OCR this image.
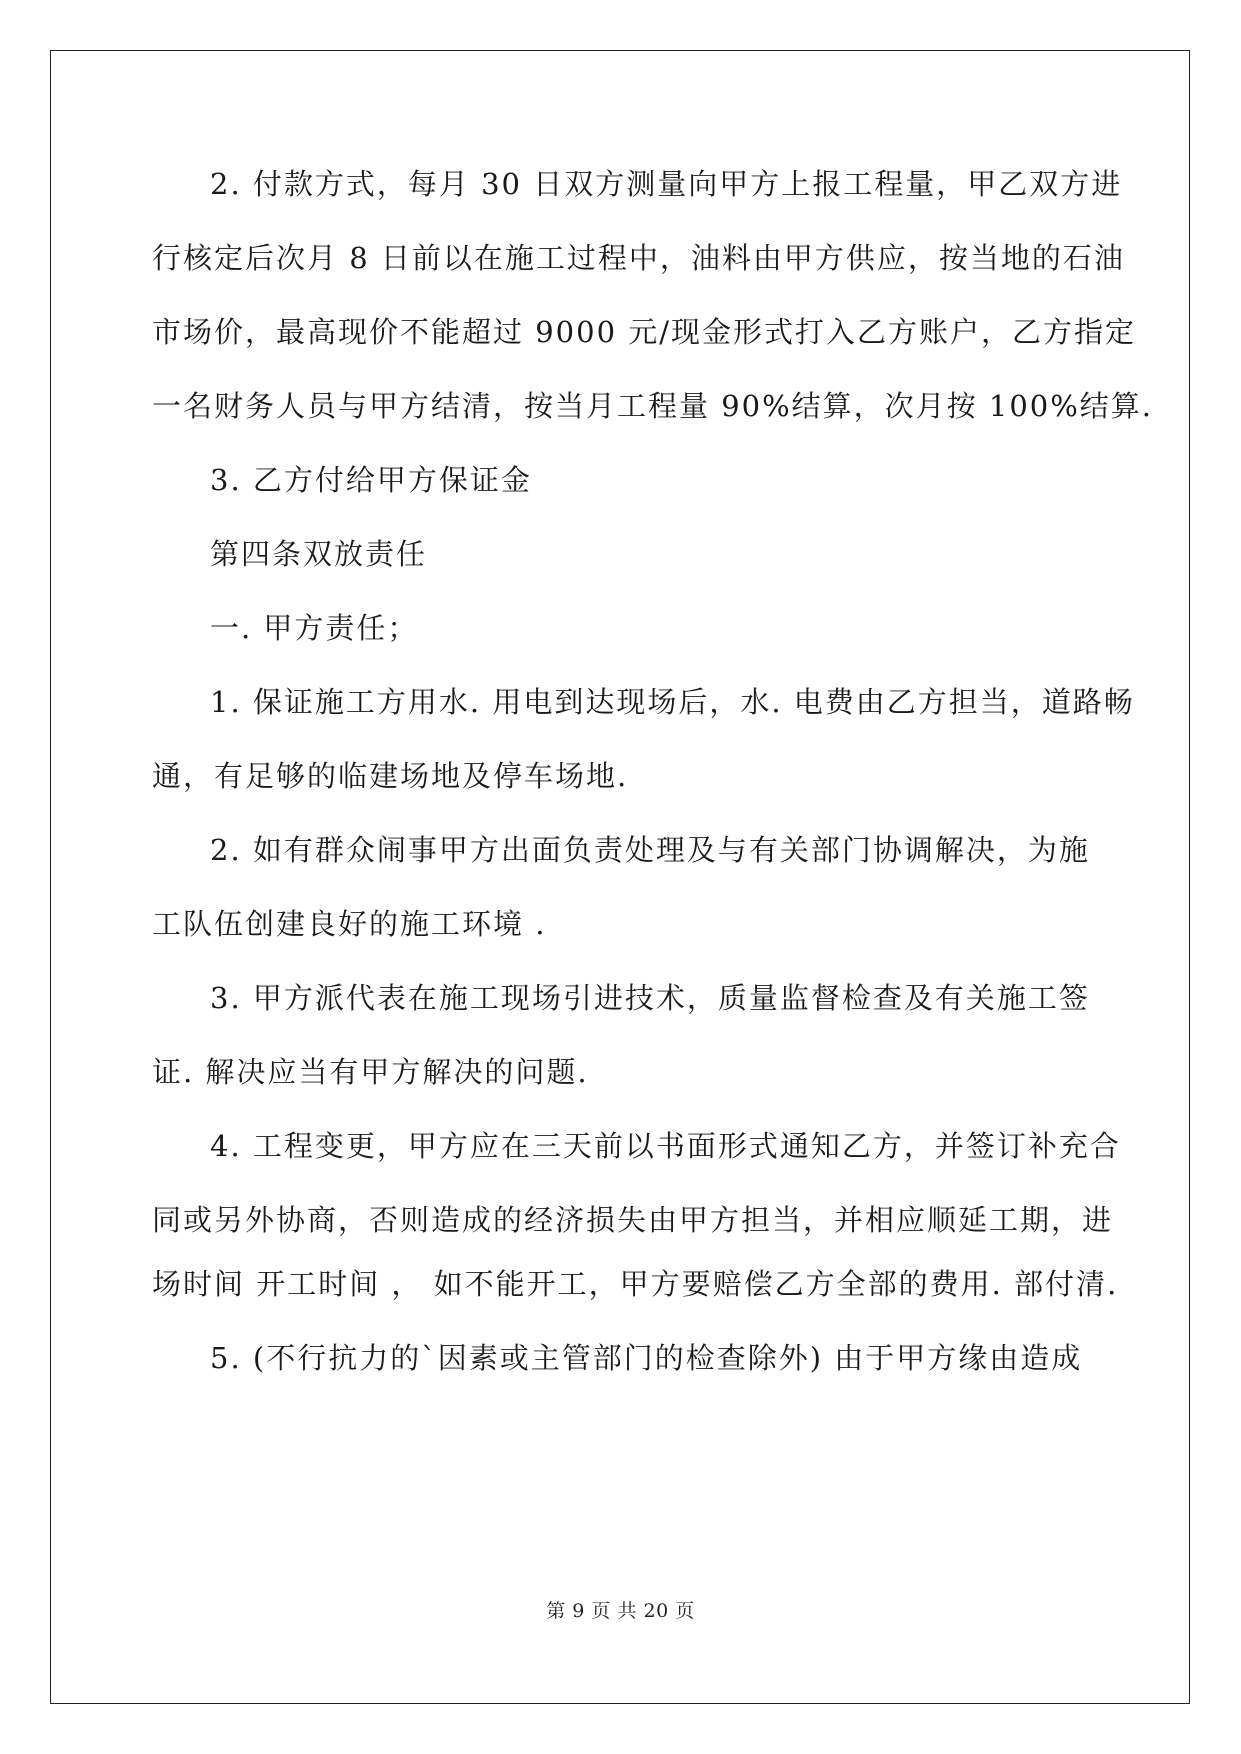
2. 付款方式，每月 30 日双方测量向甲方上报工程量，甲乙双方进
行核定后次月 8 日前以在施工过程中，油料由甲方供应，按当地的石油
市场价，最高现价不能超过 9000 元/现金形式打入乙方账户，乙方指定
一名财务人员与甲方结清，按当月工程量 90%结算，次月按 100%结算.
3. 乙方付给甲方保证金
第四条双放责任
一. 甲方责任；
1. 保证施工方用水. 用电到达现场后，水. 电费由乙方担当，道路畅
通，有足够的临建场地及停车场地.
2. 如有群众闹事甲方出面负责处理及与有关部门协调解决，为施
工队伍创建良好的施工环境 .
3. 甲方派代表在施工现场引进技术，质量监督检查及有关施工签
证. 解决应当有甲方解决的问题.
4. 工程变更，甲方应在三天前以书面形式通知乙方，并签订补充合
同或另外协商，否则造成的经济损失由甲方担当，并相应顺延工期，进
场时间 开工时间 ， 如不能开工，甲方要赔偿乙方全部的费用. 部付清.
5. (不行抗力的`因素或主管部门的检查除外) 由于甲方缘由造成
第 9 页 共 20 页
